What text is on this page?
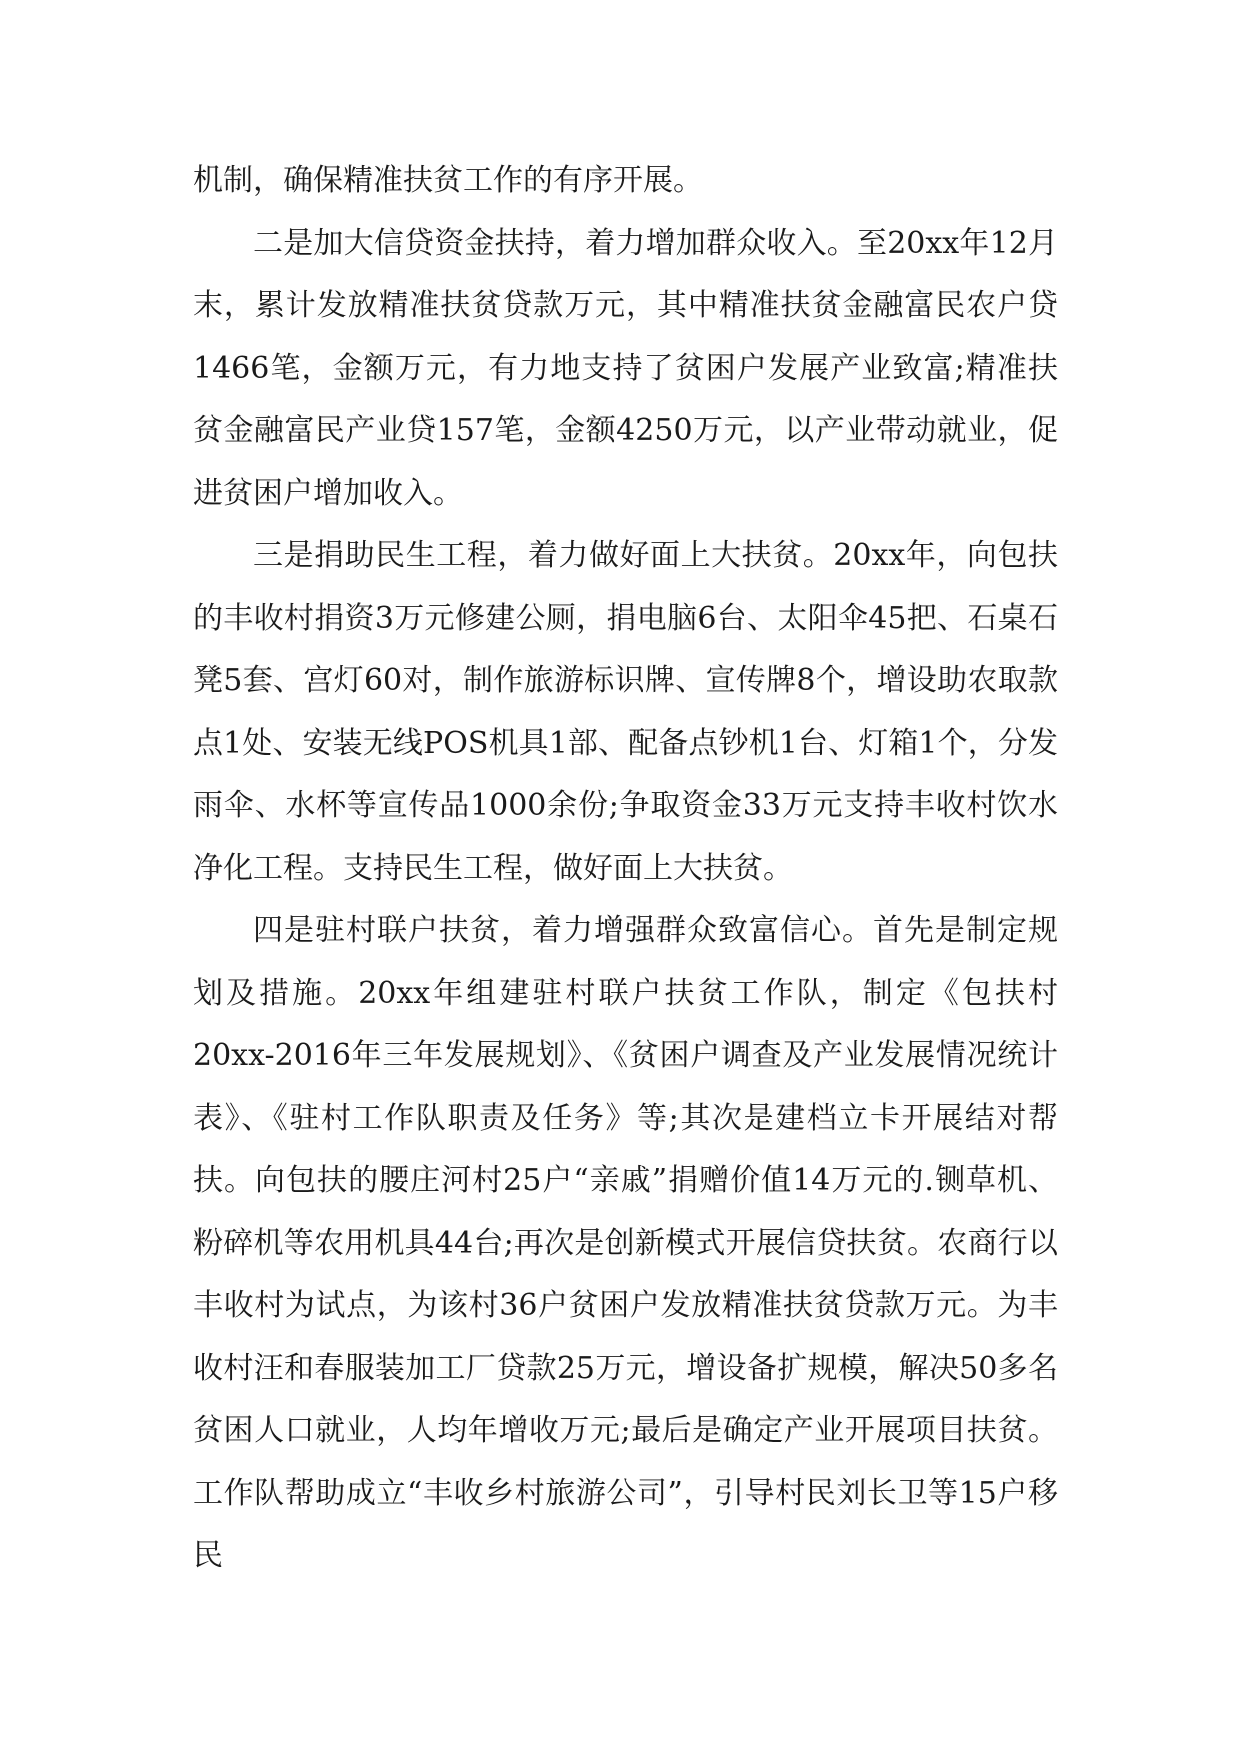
机制，确保精准扶贫工作的有序开展。

二是加大信贷资金扶持，着力增加群众收入。至20xx年12月末，累计发放精准扶贫贷款万元，其中精准扶贫金融富民农户贷1466笔，金额万元，有力地支持了贫困户发展产业致富;精准扶贫金融富民产业贷157笔，金额4250万元，以产业带动就业，促进贫困户增加收入。

三是捐助民生工程，着力做好面上大扶贫。20xx年，向包扶的丰收村捐资3万元修建公厕，捐电脑6台、太阳伞45把、石桌石凳5套、宫灯60对，制作旅游标识牌、宣传牌8个，增设助农取款点1处、安装无线POS机具1部、配备点钞机1台、灯箱1个，分发雨伞、水杯等宣传品1000余份;争取资金33万元支持丰收村饮水净化工程。支持民生工程，做好面上大扶贫。

四是驻村联户扶贫，着力增强群众致富信心。首先是制定规划及措施。20xx年组建驻村联户扶贫工作队，制定《包扶村20xx-2016年三年发展规划》、《贫困户调查及产业发展情况统计表》、《驻村工作队职责及任务》等;其次是建档立卡开展结对帮扶。向包扶的腰庄河村25户“亲戚”捐赠价值14万元的.铡草机、粉碎机等农用机具44台;再次是创新模式开展信贷扶贫。农商行以丰收村为试点，为该村36户贫困户发放精准扶贫贷款万元。为丰收村汪和春服装加工厂贷款25万元，增设备扩规模，解决50多名贫困人口就业，人均年增收万元;最后是确定产业开展项目扶贫。工作队帮助成立“丰收乡村旅游公司”，引导村民刘长卫等15户移民
